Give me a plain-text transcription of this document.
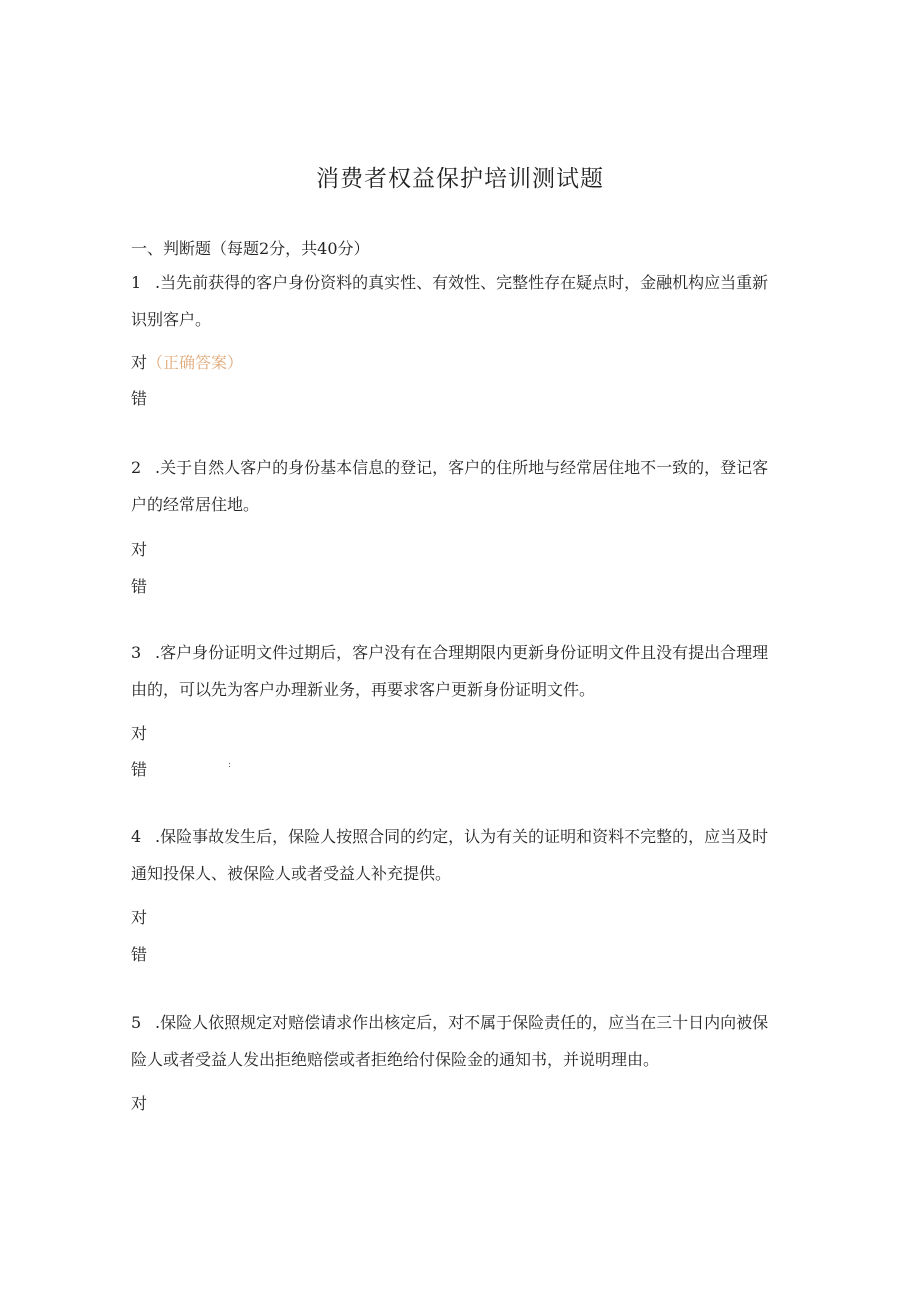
消费者权益保护培训测试题
一、判断题（每题2分，共40分）
1 .当先前获得的客户身份资料的真实性、有效性、完整性存在疑点时，金融机构应当重新识别客户。
对（正确答案）
错
2 .关于自然人客户的身份基本信息的登记，客户的住所地与经常居住地不一致的，登记客户的经常居住地。
对
错
3 .客户身份证明文件过期后，客户没有在合理期限内更新身份证明文件且没有提出合理理由的，可以先为客户办理新业务，再要求客户更新身份证明文件。
对
错	:
4 .保险事故发生后，保险人按照合同的约定，认为有关的证明和资料不完整的，应当及时通知投保人、被保险人或者受益人补充提供。
对
错
5 .保险人依照规定对赔偿请求作出核定后，对不属于保险责任的，应当在三十日内向被保险人或者受益人发出拒绝赔偿或者拒绝给付保险金的通知书，并说明理由。
对
